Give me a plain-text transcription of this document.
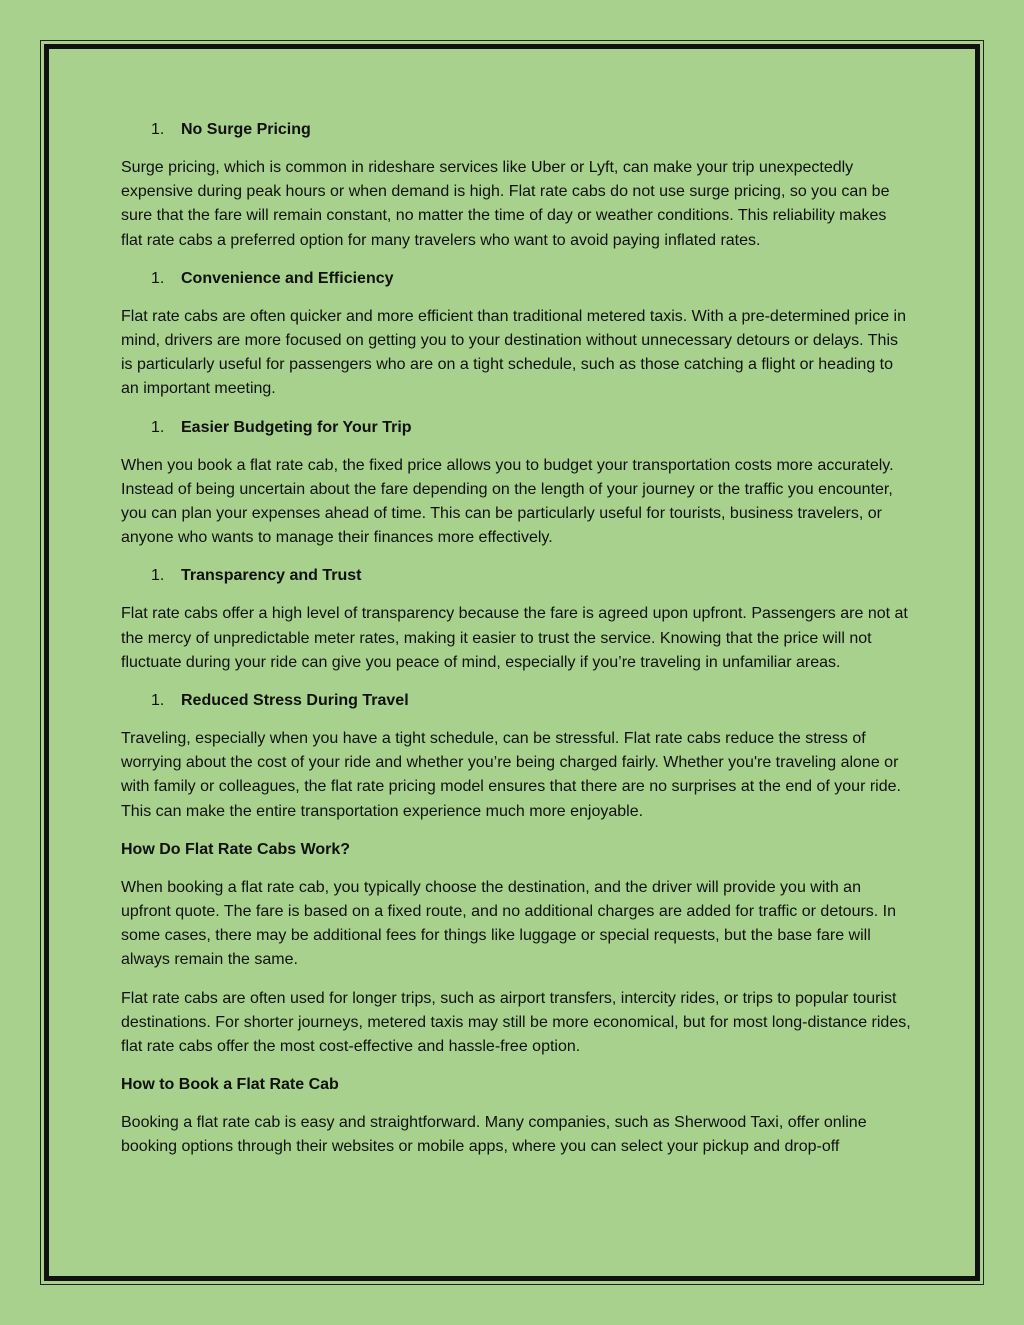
1.	No Surge Pricing

Surge pricing, which is common in rideshare services like Uber or Lyft, can make your trip unexpectedly expensive during peak hours or when demand is high. Flat rate cabs do not use surge pricing, so you can be sure that the fare will remain constant, no matter the time of day or weather conditions. This reliability makes flat rate cabs a preferred option for many travelers who want to avoid paying inflated rates.

1.	Convenience and Efficiency

Flat rate cabs are often quicker and more efficient than traditional metered taxis. With a pre-determined price in mind, drivers are more focused on getting you to your destination without unnecessary detours or delays. This is particularly useful for passengers who are on a tight schedule, such as those catching a flight or heading to an important meeting.

1.	Easier Budgeting for Your Trip

When you book a flat rate cab, the fixed price allows you to budget your transportation costs more accurately. Instead of being uncertain about the fare depending on the length of your journey or the traffic you encounter, you can plan your expenses ahead of time. This can be particularly useful for tourists, business travelers, or anyone who wants to manage their finances more effectively.

1.	Transparency and Trust

Flat rate cabs offer a high level of transparency because the fare is agreed upon upfront. Passengers are not at the mercy of unpredictable meter rates, making it easier to trust the service. Knowing that the price will not fluctuate during your ride can give you peace of mind, especially if you’re traveling in unfamiliar areas.

1.	Reduced Stress During Travel

Traveling, especially when you have a tight schedule, can be stressful. Flat rate cabs reduce the stress of worrying about the cost of your ride and whether you’re being charged fairly. Whether you're traveling alone or with family or colleagues, the flat rate pricing model ensures that there are no surprises at the end of your ride. This can make the entire transportation experience much more enjoyable.

How Do Flat Rate Cabs Work?

When booking a flat rate cab, you typically choose the destination, and the driver will provide you with an upfront quote. The fare is based on a fixed route, and no additional charges are added for traffic or detours. In some cases, there may be additional fees for things like luggage or special requests, but the base fare will always remain the same.

Flat rate cabs are often used for longer trips, such as airport transfers, intercity rides, or trips to popular tourist destinations. For shorter journeys, metered taxis may still be more economical, but for most long-distance rides, flat rate cabs offer the most cost-effective and hassle-free option.

How to Book a Flat Rate Cab

Booking a flat rate cab is easy and straightforward. Many companies, such as Sherwood Taxi, offer online booking options through their websites or mobile apps, where you can select your pickup and drop-off
